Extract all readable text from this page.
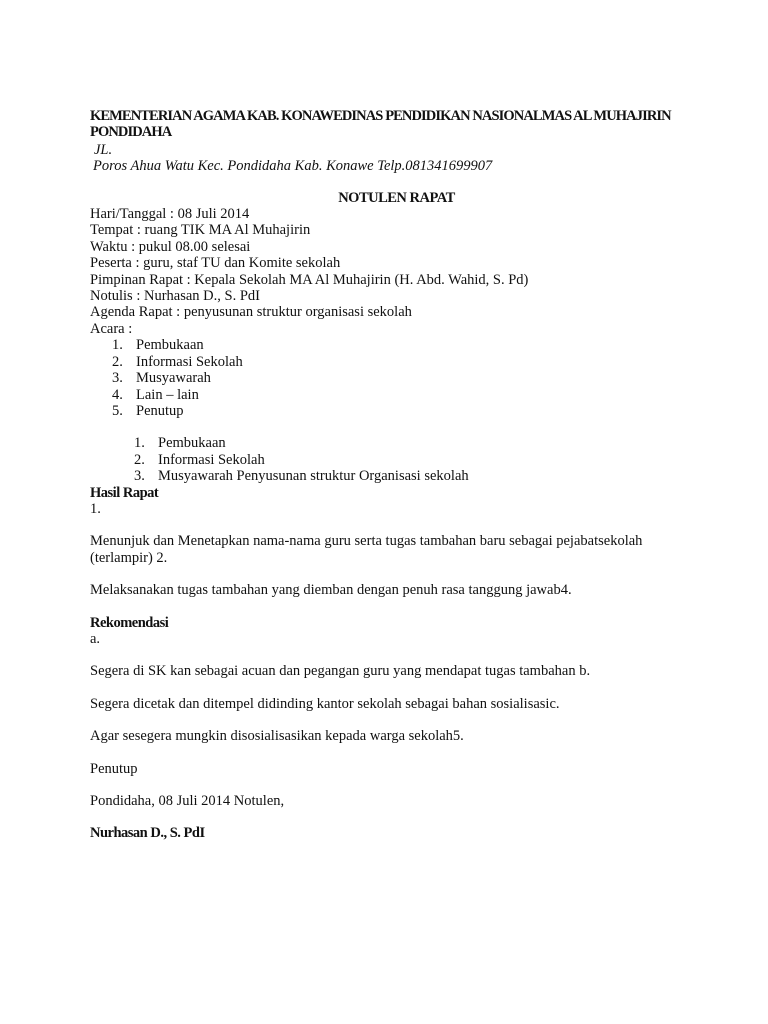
KEMENTERIAN AGAMA KAB. KONAWEDINAS PENDIDIKAN NASIONALMAS AL MUHAJIRIN PONDIDAHA

JL.

Poros Ahua Watu Kec. Pondidaha Kab. Konawe Telp.081341699907

NOTULEN RAPAT

Hari/Tanggal : 08 Juli 2014

Tempat : ruang TIK MA Al Muhajirin

Waktu : pukul 08.00 selesai

Peserta : guru, staf TU dan Komite sekolah

Pimpinan Rapat : Kepala Sekolah MA Al Muhajirin (H. Abd. Wahid, S. Pd)

Notulis : Nurhasan D., S. PdI

Agenda Rapat : penyusunan struktur organisasi sekolah

Acara :

1. Pembukaan
2. Informasi Sekolah
3. Musyawarah
4. Lain – lain
5. Penutup
1. Pembukaan
2. Informasi Sekolah
3. Musyawarah Penyusunan struktur Organisasi sekolah

Hasil Rapat

1.

Menunjuk dan Menetapkan nama-nama guru serta tugas tambahan baru sebagai pejabatsekolah (terlampir) 2.

Melaksanakan tugas tambahan yang diemban dengan penuh rasa tanggung jawab4.

Rekomendasi

a.

Segera di SK kan sebagai acuan dan pegangan guru yang mendapat tugas tambahan b.

Segera dicetak dan ditempel didinding kantor sekolah sebagai bahan sosialisasic.

Agar sesegera mungkin disosialisasikan kepada warga sekolah5.

Penutup

Pondidaha, 08 Juli 2014 Notulen,

Nurhasan D., S. PdI
